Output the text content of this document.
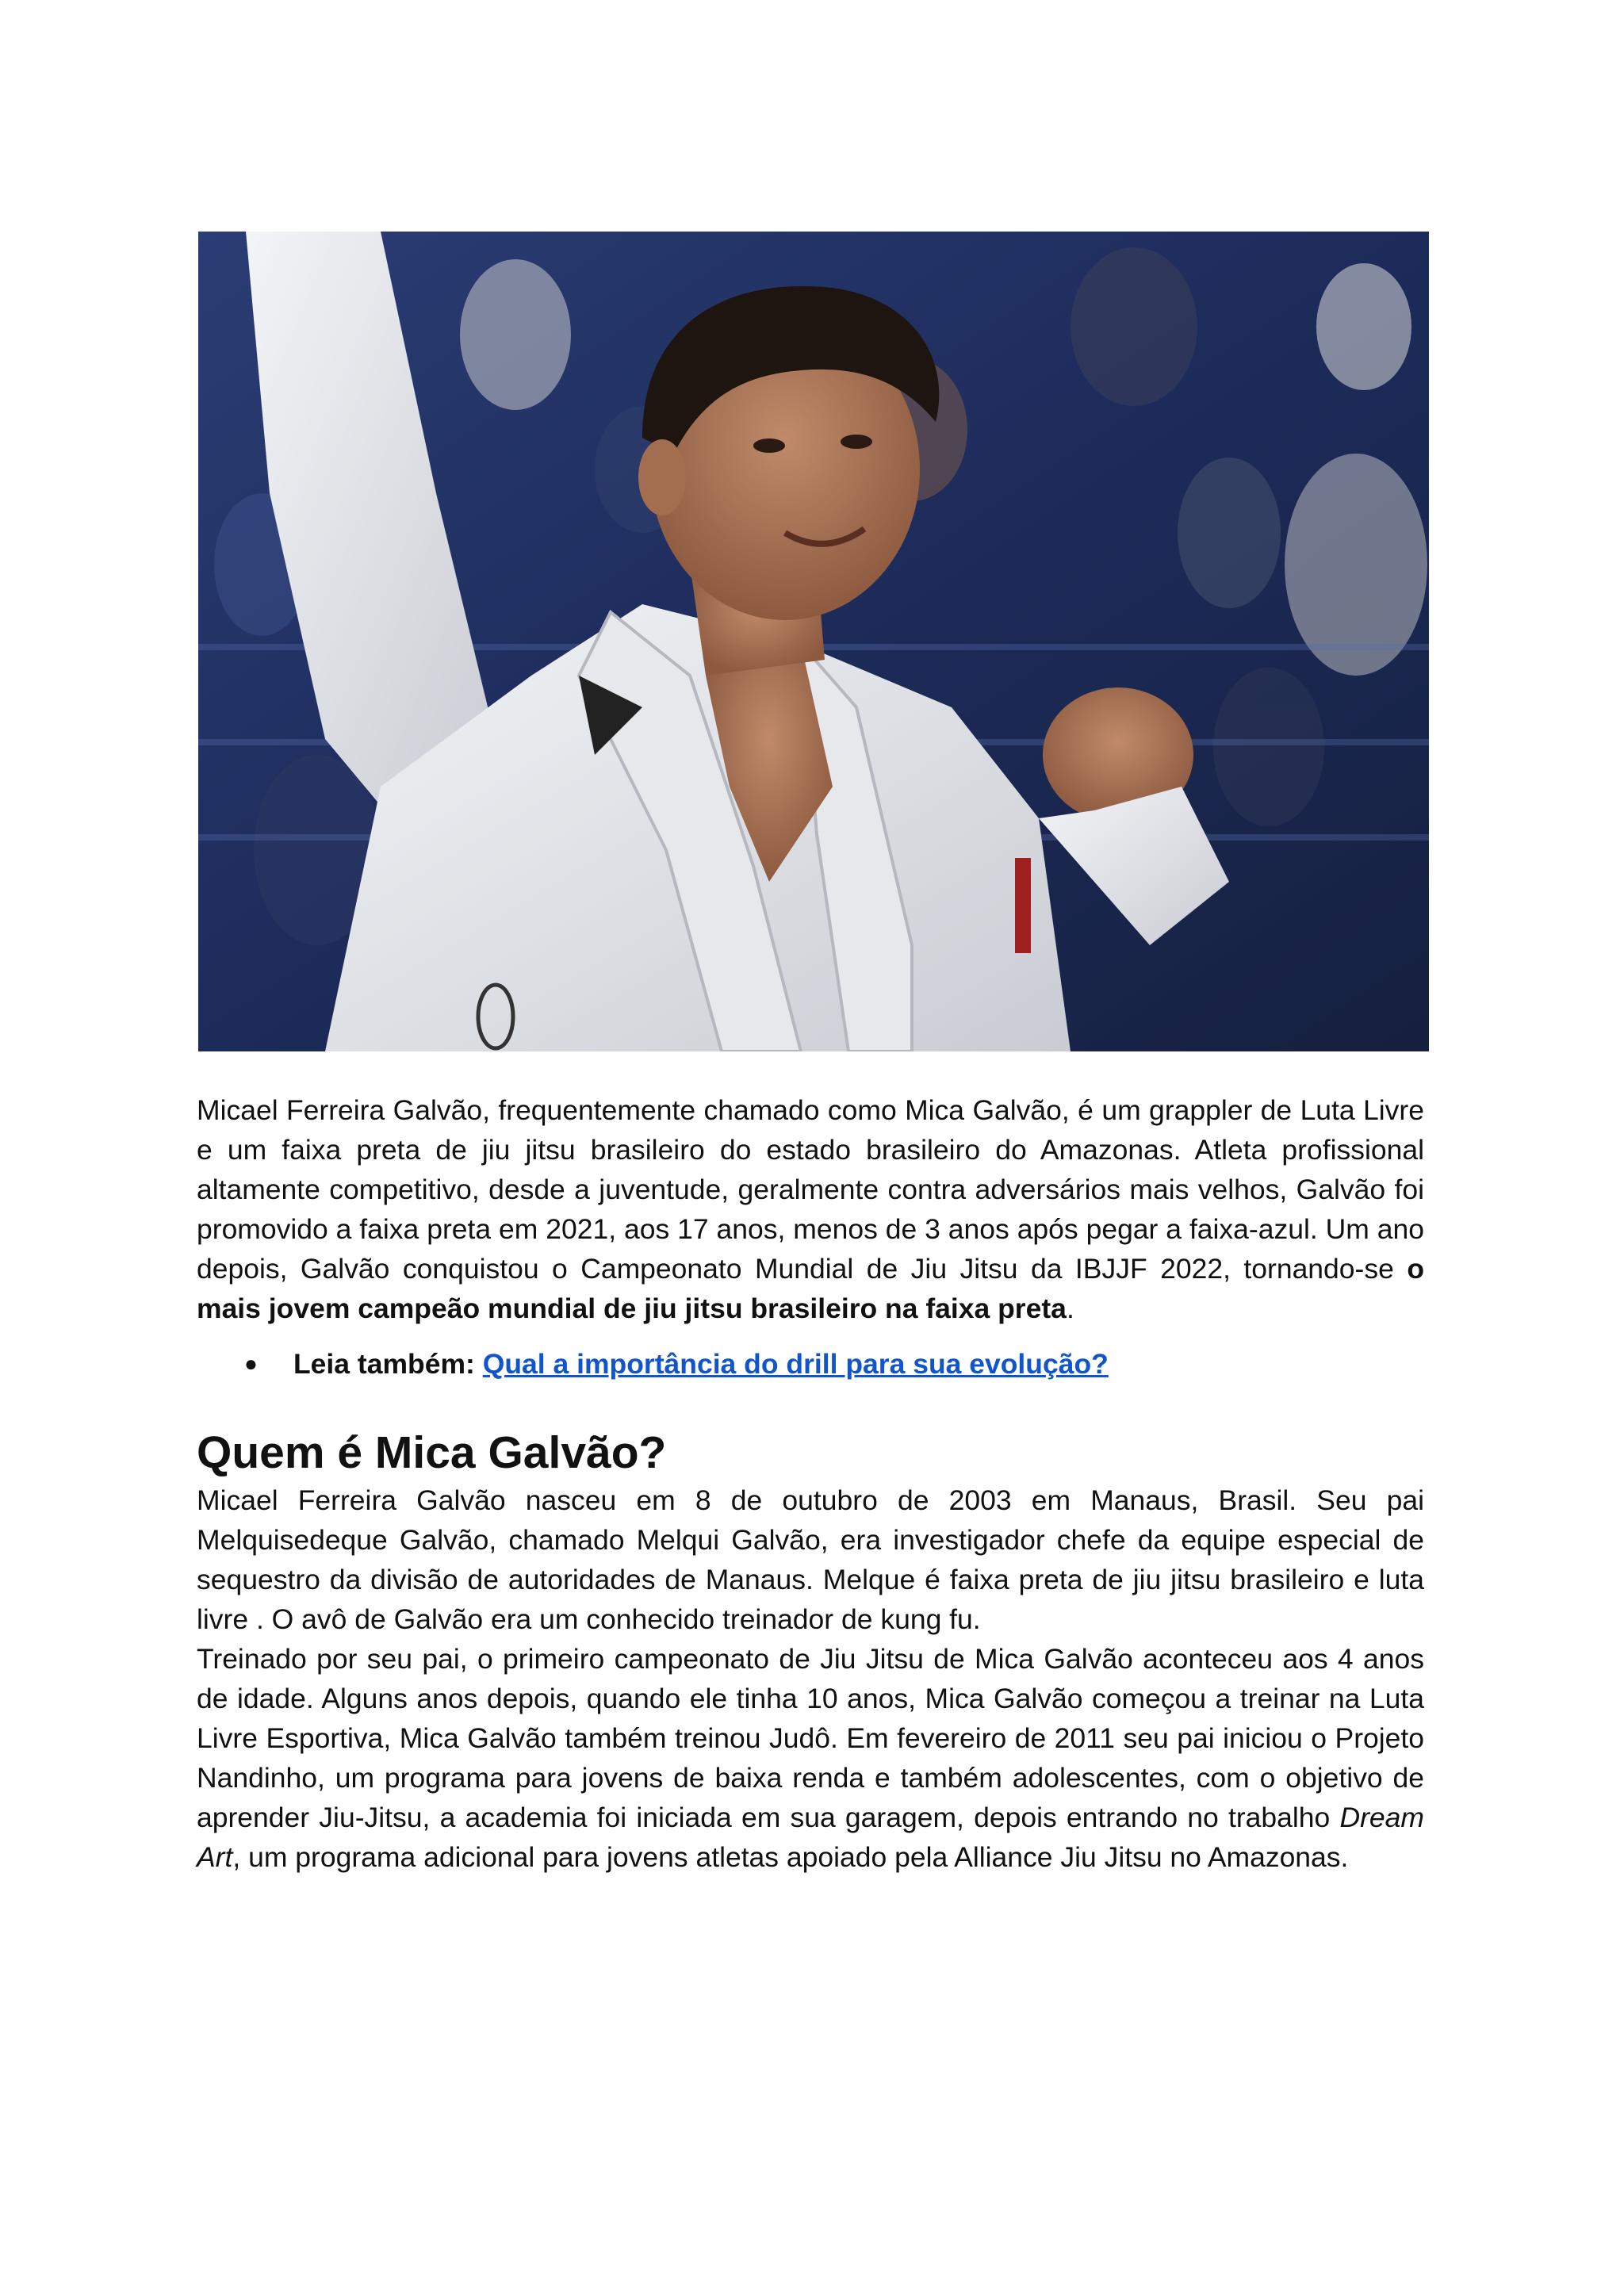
Micael Ferreira Galvão, frequentemente chamado como Mica Galvão, é um grappler de Luta Livre e um faixa preta de jiu jitsu brasileiro do estado brasileiro do Amazonas. Atleta profissional altamente competitivo, desde a juventude, geralmente contra adversários mais velhos, Galvão foi promovido a faixa preta em 2021, aos 17 anos, menos de 3 anos após pegar a faixa-azul. Um ano depois, Galvão conquistou o Campeonato Mundial de Jiu Jitsu da IBJJF 2022, tornando-se o mais jovem campeão mundial de jiu jitsu brasileiro na faixa preta.

● Leia também: Qual a importância do drill para sua evolução?
Quem é Mica Galvão?

Micael Ferreira Galvão nasceu em 8 de outubro de 2003 em Manaus, Brasil. Seu pai Melquisedeque Galvão, chamado Melqui Galvão, era investigador chefe da equipe especial de sequestro da divisão de autoridades de Manaus. Melque é faixa preta de jiu jitsu brasileiro e luta livre . O avô de Galvão era um conhecido treinador de kung fu.

Treinado por seu pai, o primeiro campeonato de Jiu Jitsu de Mica Galvão aconteceu aos 4 anos de idade. Alguns anos depois, quando ele tinha 10 anos, Mica Galvão começou a treinar na Luta Livre Esportiva, Mica Galvão também treinou Judô. Em fevereiro de 2011 seu pai iniciou o Projeto Nandinho, um programa para jovens de baixa renda e também adolescentes, com o objetivo de aprender Jiu-Jitsu, a academia foi iniciada em sua garagem, depois entrando no trabalho Dream Art, um programa adicional para jovens atletas apoiado pela Alliance Jiu Jitsu no Amazonas.
